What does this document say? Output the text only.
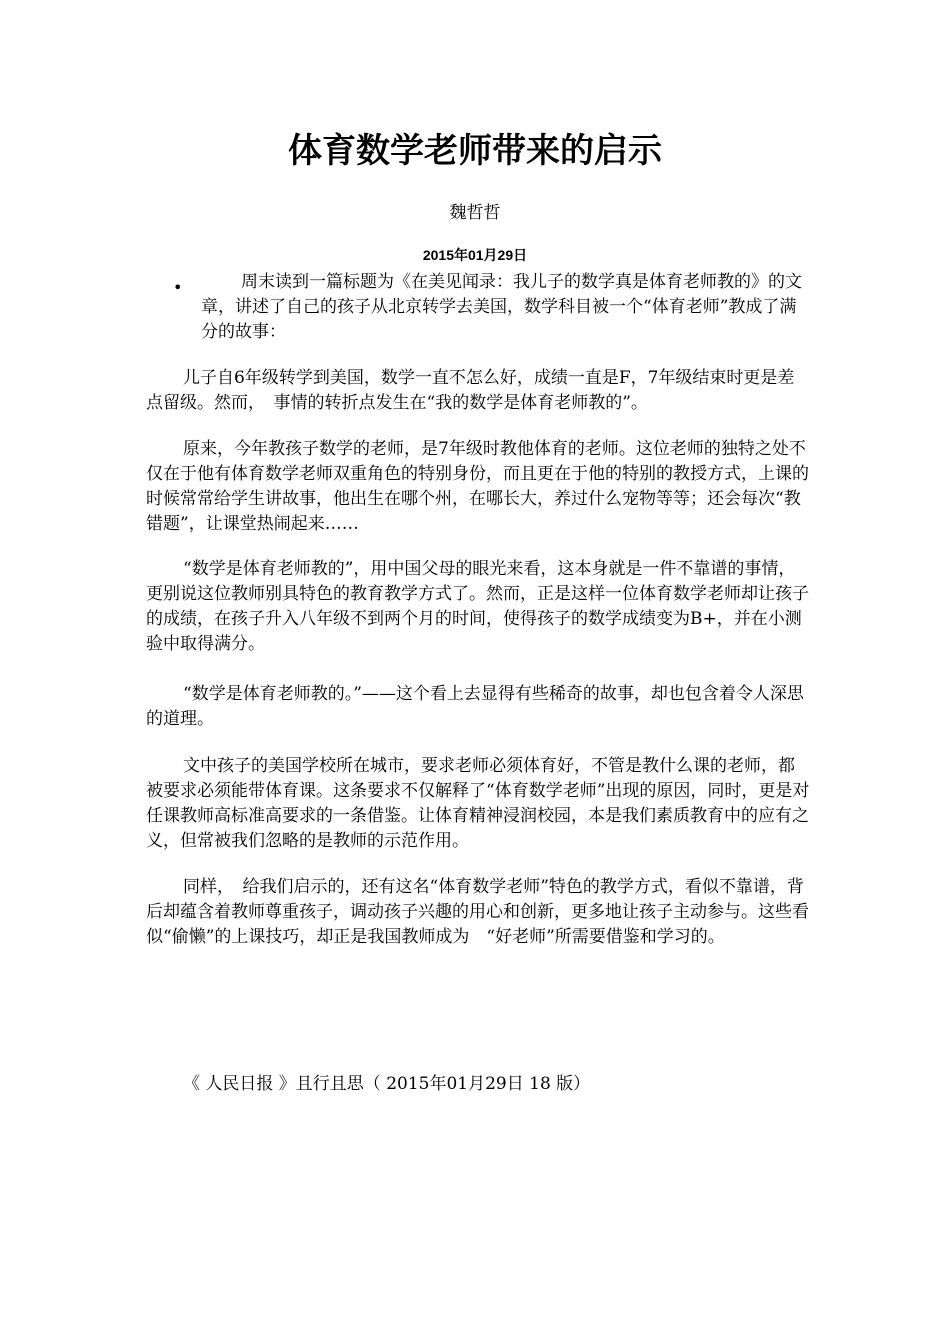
体育数学老师带来的启示
魏哲哲
2015年01月29日
•	周末读到一篇标题为《在美见闻录：我儿子的数学真是体育老师教的》的文章，讲述了自己的孩子从北京转学去美国，数学科目被一个“体育老师”教成了满分的故事：

儿子自6年级转学到美国，数学一直不怎么好，成绩一直是F，7年级结束时更是差点留级。然而，　事情的转折点发生在“我的数学是体育老师教的”。

原来，今年教孩子数学的老师，是7年级时教他体育的老师。这位老师的独特之处不仅在于他有体育数学老师双重角色的特别身份，而且更在于他的特别的教授方式，上课的时候常常给学生讲故事，他出生在哪个州，在哪长大，养过什么宠物等等；还会每次“教错题”，让课堂热闹起来……

“数学是体育老师教的”，用中国父母的眼光来看，这本身就是一件不靠谱的事情，更别说这位教师别具特色的教育教学方式了。然而，正是这样一位体育数学老师却让孩子的成绩，在孩子升入八年级不到两个月的时间，使得孩子的数学成绩变为B+，并在小测验中取得满分。

“数学是体育老师教的。”——这个看上去显得有些稀奇的故事，却也包含着令人深思的道理。

文中孩子的美国学校所在城市，要求老师必须体育好，不管是教什么课的老师，都被要求必须能带体育课。这条要求不仅解释了“体育数学老师”出现的原因，同时，更是对任课教师高标准高要求的一条借鉴。让体育精神浸润校园，本是我们素质教育中的应有之义，但常被我们忽略的是教师的示范作用。

同样，　给我们启示的，还有这名“体育数学老师”特色的教学方式，看似不靠谱，背后却蕴含着教师尊重孩子，调动孩子兴趣的用心和创新，更多地让孩子主动参与。这些看似“偷懒”的上课技巧，却正是我国教师成为　“好老师”所需要借鉴和学习的。

《 人民日报 》且行且思（ 2015年01月29日 18 版）
